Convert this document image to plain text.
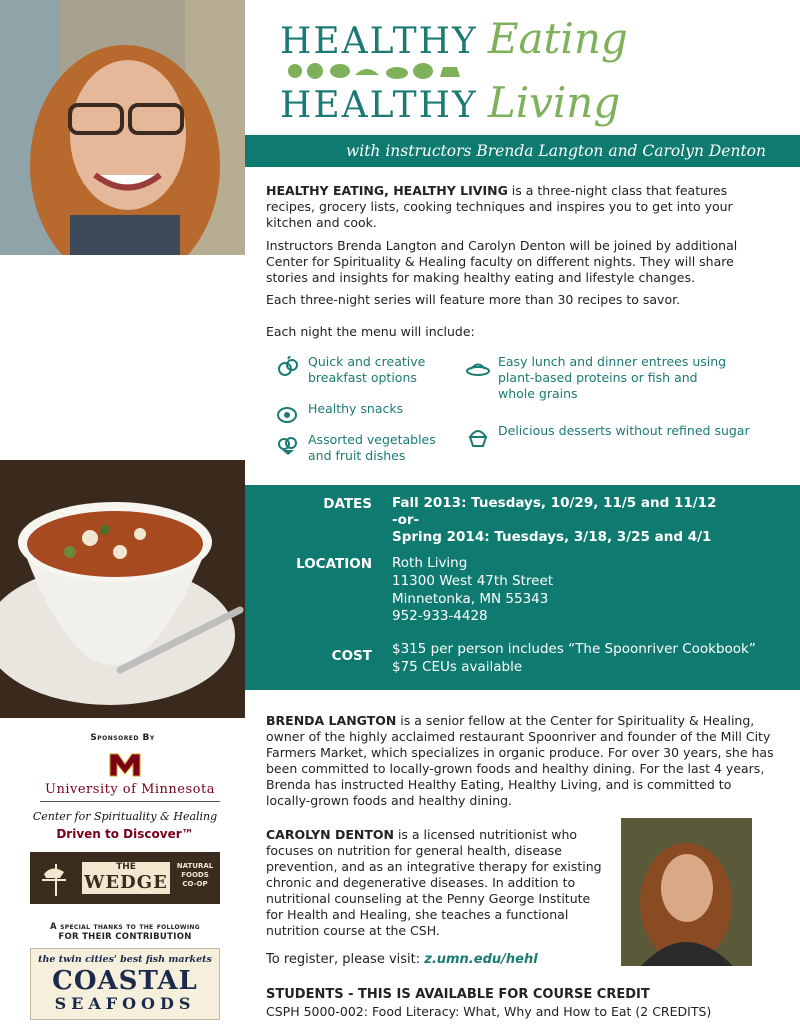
HEALTHY Eating
HEALTHY Living
with instructors Brenda Langton and Carolyn Denton

HEALTHY EATING, HEALTHY LIVING is a three-night class that features recipes, grocery lists, cooking techniques and inspires you to get into your kitchen and cook.

Instructors Brenda Langton and Carolyn Denton will be joined by additional Center for Spirituality & Healing faculty on different nights. They will share stories and insights for making healthy eating and lifestyle changes.

Each three-night series will feature more than 30 recipes to savor.

Each night the menu will include:

Quick and creative breakfast options
Healthy snacks
Assorted vegetables and fruit dishes
Easy lunch and dinner entrees using plant-based proteins or fish and whole grains
Delicious desserts without refined sugar
DATES Fall 2013: Tuesdays, 10/29, 11/5 and 11/12
-or-
Spring 2014: Tuesdays, 3/18, 3/25 and 4/1
LOCATION Roth Living
11300 West 47th Street
Minnetonka, MN 55343
952-933-4428
COST $315 per person includes “The Spoonriver Cookbook”
$75 CEUs available
Sponsored By
University of Minnesota
Center for Spirituality & Healing
Driven to Discover™
THE
WEDGE
NATURAL FOODS CO-OP
A special thanks to the following
FOR THEIR CONTRIBUTION
the twin cities' best fish markets
COASTAL
SEAFOODS

BRENDA LANGTON is a senior fellow at the Center for Spirituality & Healing, owner of the highly acclaimed restaurant Spoonriver and founder of the Mill City Farmers Market, which specializes in organic produce. For over 30 years, she has been committed to locally-grown foods and healthy dining. For the last 4 years, Brenda has instructed Healthy Eating, Healthy Living, and is committed to locally-grown foods and healthy dining.

CAROLYN DENTON is a licensed nutritionist who focuses on nutrition for general health, disease prevention, and as an integrative therapy for existing chronic and degenerative diseases. In addition to nutritional counseling at the Penny George Institute for Health and Healing, she teaches a functional nutrition course at the CSH.

To register, please visit: z.umn.edu/hehl
STUDENTS - THIS IS AVAILABLE FOR COURSE CREDIT
CSPH 5000-002: Food Literacy: What, Why and How to Eat (2 CREDITS)
